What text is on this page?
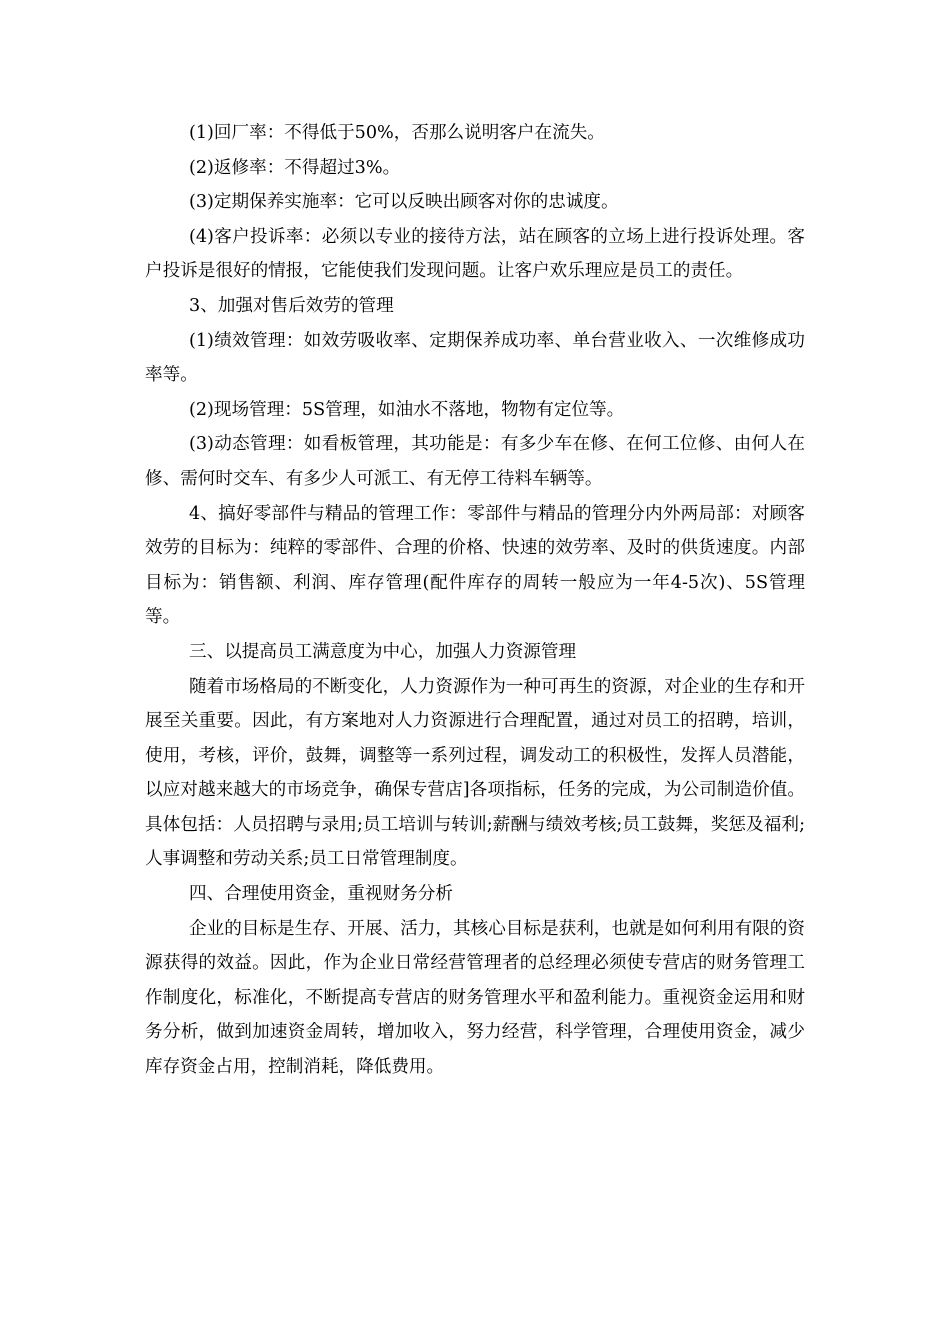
(1)回厂率：不得低于50%，否那么说明客户在流失。

(2)返修率：不得超过3%。

(3)定期保养实施率：它可以反映出顾客对你的忠诚度。

(4)客户投诉率：必须以专业的接待方法，站在顾客的立场上进行投诉处理。客户投诉是很好的情报，它能使我们发现问题。让客户欢乐理应是员工的责任。

3、加强对售后效劳的管理

(1)绩效管理：如效劳吸收率、定期保养成功率、单台营业收入、一次维修成功率等。

(2)现场管理：5S管理，如油水不落地，物物有定位等。

(3)动态管理：如看板管理，其功能是：有多少车在修、在何工位修、由何人在修、需何时交车、有多少人可派工、有无停工待料车辆等。

4、搞好零部件与精品的管理工作：零部件与精品的管理分内外两局部：对顾客效劳的目标为：纯粹的零部件、合理的价格、快速的效劳率、及时的供货速度。内部目标为：销售额、利润、库存管理(配件库存的周转一般应为一年4-5次)、5S管理等。

三、以提高员工满意度为中心，加强人力资源管理

随着市场格局的不断变化，人力资源作为一种可再生的资源，对企业的生存和开展至关重要。因此，有方案地对人力资源进行合理配置，通过对员工的招聘，培训，使用，考核，评价，鼓舞，调整等一系列过程，调发动工的积极性，发挥人员潜能，以应对越来越大的市场竞争，确保专营店]各项指标，任务的完成，为公司制造价值。具体包括：人员招聘与录用;员工培训与转训;薪酬与绩效考核;员工鼓舞，奖惩及福利;人事调整和劳动关系;员工日常管理制度。

四、合理使用资金，重视财务分析

企业的目标是生存、开展、活力，其核心目标是获利，也就是如何利用有限的资源获得的效益。因此，作为企业日常经营管理者的总经理必须使专营店的财务管理工作制度化，标准化，不断提高专营店的财务管理水平和盈利能力。重视资金运用和财务分析，做到加速资金周转，增加收入，努力经营，科学管理，合理使用资金，减少库存资金占用，控制消耗，降低费用。
